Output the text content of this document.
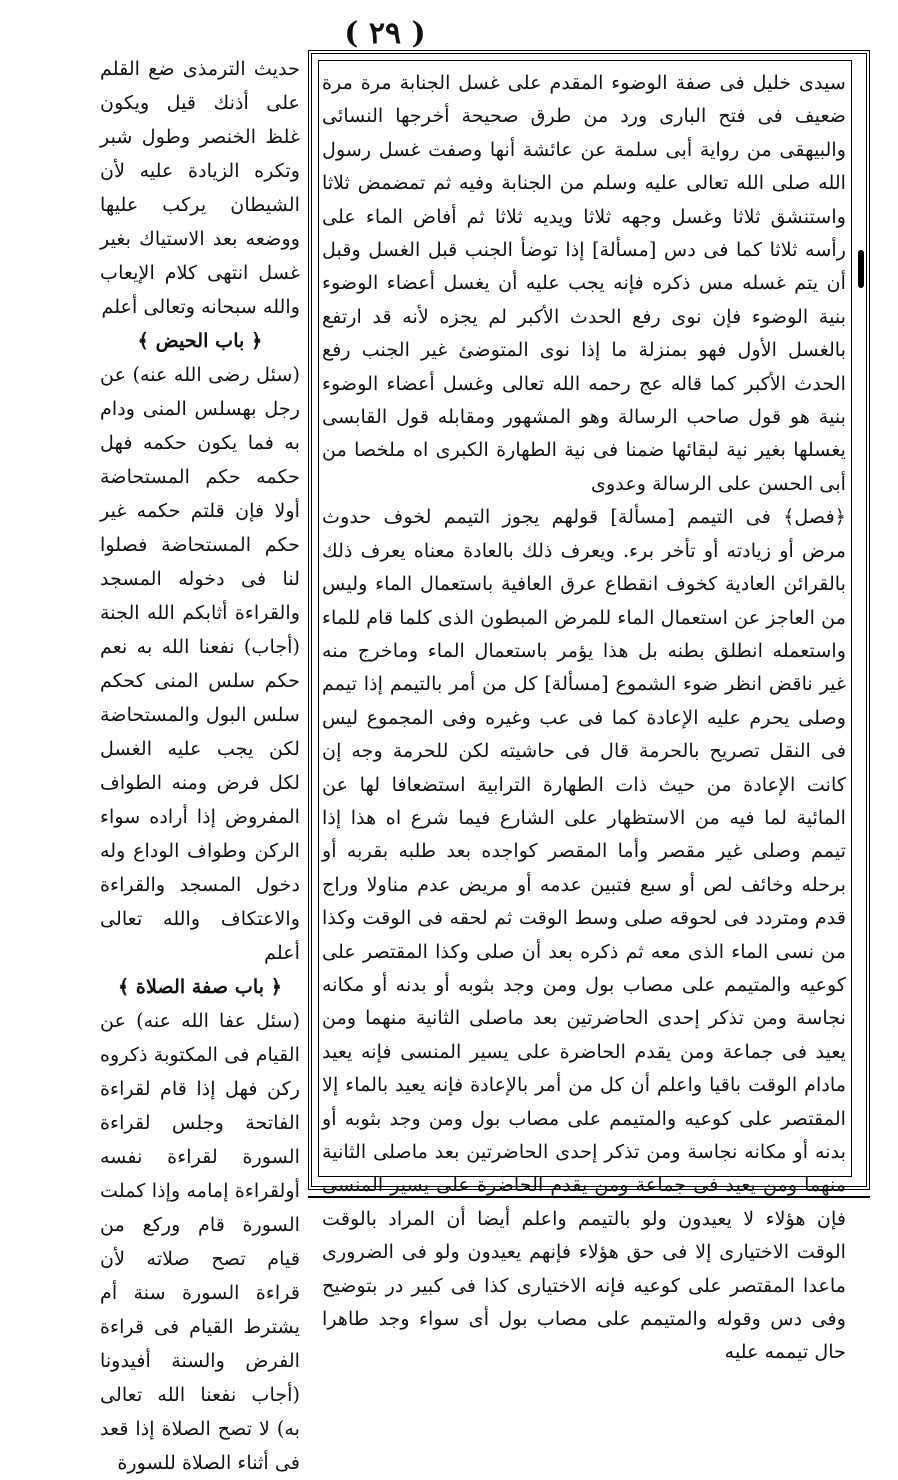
( ٢٩ )

سيدى خليل فى صفة الوضوء المقدم على غسل الجنابة مرة مرة ضعيف فى فتح البارى ورد من طرق صحيحة أخرجها النسائى والبيهقى من رواية أبى سلمة عن عائشة أنها وصفت غسل رسول الله صلى الله تعالى عليه وسلم من الجنابة وفيه ثم تمضمض ثلاثا واستنشق ثلاثا وغسل وجهه ثلاثا ويديه ثلاثا ثم أفاض الماء على رأسه ثلاثا كما فى دس [مسألة] إذا توضأ الجنب قبل الغسل وقبل أن يتم غسله مس ذكره فإنه يجب عليه أن يغسل أعضاء الوضوء بنية الوضوء فإن نوى رفع الحدث الأكبر لم يجزه لأنه قد ارتفع بالغسل الأول فهو بمنزلة ما إذا نوى المتوضئ غير الجنب رفع الحدث الأكبر كما قاله عج رحمه الله تعالى وغسل أعضاء الوضوء بنية هو قول صاحب الرسالة وهو المشهور ومقابله قول القابسى يغسلها بغير نية لبقائها ضمنا فى نية الطهارة الكبرى اه ملخصا من أبى الحسن على الرسالة وعدوى

﴿فصل﴾ فى التيمم [مسألة] قولهم يجوز التيمم لخوف حدوث مرض أو زيادته أو تأخر برء. ويعرف ذلك بالعادة معناه يعرف ذلك بالقرائن العادية كخوف انقطاع عرق العافية باستعمال الماء وليس من العاجز عن استعمال الماء للمرض المبطون الذى كلما قام للماء واستعمله انطلق بطنه بل هذا يؤمر باستعمال الماء وماخرج منه غير ناقض انظر ضوء الشموع [مسألة] كل من أمر بالتيمم إذا تيمم وصلى يحرم عليه الإعادة كما فى عب وغيره وفى المجموع ليس فى النقل تصريح بالحرمة قال فى حاشيته لكن للحرمة وجه إن كانت الإعادة من حيث ذات الطهارة الترابية استضعافا لها عن المائية لما فيه من الاستظهار على الشارع فيما شرع اه هذا إذا تيمم وصلى غير مقصر وأما المقصر كواجده بعد طلبه بقربه أو برحله وخائف لص أو سبع فتبين عدمه أو مريض عدم مناولا وراج قدم ومتردد فى لحوقه صلى وسط الوقت ثم لحقه فى الوقت وكذا من نسى الماء الذى معه ثم ذكره بعد أن صلى وكذا المقتصر على كوعيه والمتيمم على مصاب بول ومن وجد بثوبه أو بدنه أو مكانه نجاسة ومن تذكر إحدى الحاضرتين بعد ماصلى الثانية منهما ومن يعيد فى جماعة ومن يقدم الحاضرة على يسير المنسى فإنه يعيد مادام الوقت باقيا واعلم أن كل من أمر بالإعادة فإنه يعيد بالماء إلا المقتصر على كوعيه والمتيمم على مصاب بول ومن وجد بثوبه أو بدنه أو مكانه نجاسة ومن تذكر إحدى الحاضرتين بعد ماصلى الثانية منهما ومن يعيد فى جماعة ومن يقدم الحاضرة على يسير المنسى فإن هؤلاء لا يعيدون ولو بالتيمم واعلم أيضا أن المراد بالوقت الوقت الاختيارى إلا فى حق هؤلاء فإنهم يعيدون ولو فى الضرورى ماعدا المقتصر على كوعيه فإنه الاختيارى كذا فى كبير در بتوضيح وفى دس وقوله والمتيمم على مصاب بول أى سواء وجد طاهرا حال تيممه عليه

حديث الترمذى ضع القلم على أذنك قيل ويكون غلظ الخنصر وطول شبر وتكره الزيادة عليه لأن الشيطان يركب عليها ووضعه بعد الاستياك بغير غسل انتهى كلام الإيعاب والله سبحانه وتعالى أعلم

﴿ باب الحيض ﴾

(سئل رضى الله عنه) عن رجل بهسلس المنى ودام به فما يكون حكمه فهل حكمه حكم المستحاضة أولا فإن قلتم حكمه غير حكم المستحاضة فصلوا لنا فى دخوله المسجد والقراءة أثابكم الله الجنة (أجاب) نفعنا الله به نعم حكم سلس المنى كحكم سلس البول والمستحاضة لكن يجب عليه الغسل لكل فرض ومنه الطواف المفروض إذا أراده سواء الركن وطواف الوداع وله دخول المسجد والقراءة والاعتكاف والله تعالى أعلم

﴿ باب صفة الصلاة ﴾

(سئل عفا الله عنه) عن القيام فى المكتوبة ذكروه ركن فهل إذا قام لقراءة الفاتحة وجلس لقراءة السورة لقراءة نفسه أولقراءة إمامه وإذا كملت السورة قام وركع من قيام تصح صلاته لأن قراءة السورة سنة أم يشترط القيام فى قراءة الفرض والسنة أفيدونا (أجاب نفعنا الله تعالى به) لا تصح الصلاة إذا قعد فى أثناء الصلاة للسورة
